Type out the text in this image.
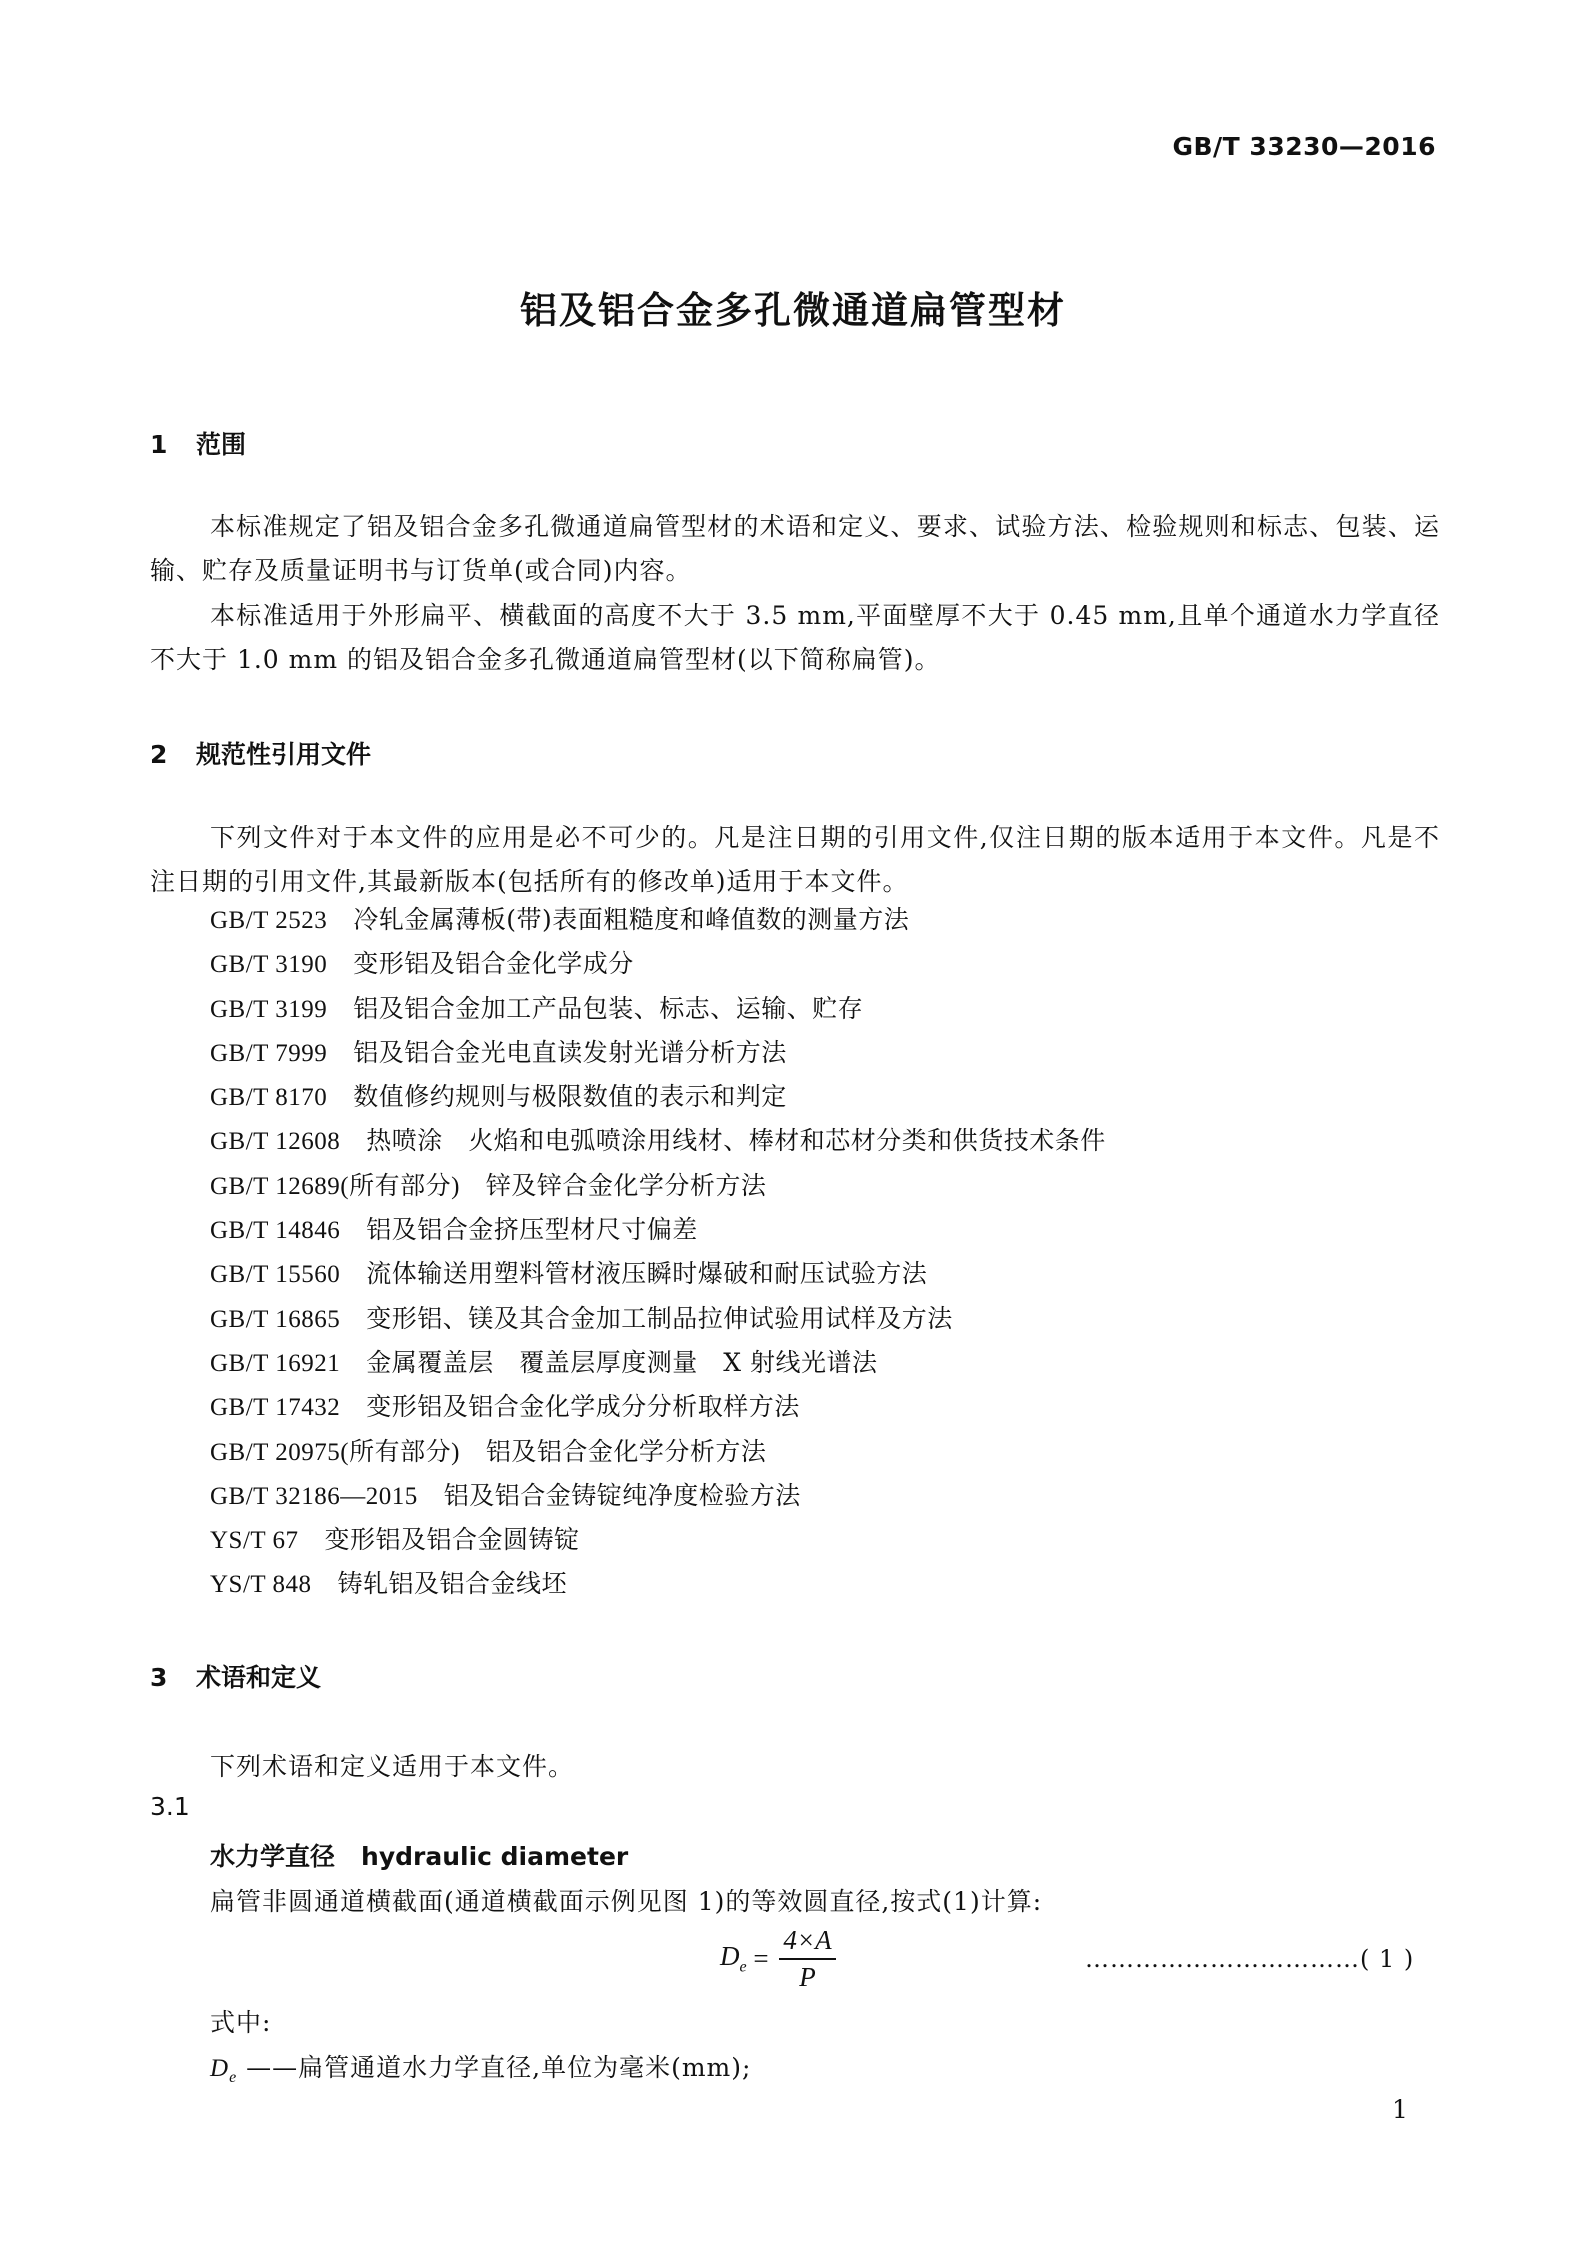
GB/T 33230—2016
铝及铝合金多孔微通道扁管型材
1 范围
本标准规定了铝及铝合金多孔微通道扁管型材的术语和定义、要求、试验方法、检验规则和标志、包装、运输、贮存及质量证明书与订货单(或合同)内容。
本标准适用于外形扁平、横截面的高度不大于 3.5 mm,平面壁厚不大于 0.45 mm,且单个通道水力学直径不大于 1.0 mm 的铝及铝合金多孔微通道扁管型材(以下简称扁管)。
2 规范性引用文件
下列文件对于本文件的应用是必不可少的。凡是注日期的引用文件,仅注日期的版本适用于本文件。凡是不注日期的引用文件,其最新版本(包括所有的修改单)适用于本文件。
GB/T 2523 冷轧金属薄板(带)表面粗糙度和峰值数的测量方法
GB/T 3190 变形铝及铝合金化学成分
GB/T 3199 铝及铝合金加工产品包装、标志、运输、贮存
GB/T 7999 铝及铝合金光电直读发射光谱分析方法
GB/T 8170 数值修约规则与极限数值的表示和判定
GB/T 12608 热喷涂　火焰和电弧喷涂用线材、棒材和芯材分类和供货技术条件
GB/T 12689(所有部分) 锌及锌合金化学分析方法
GB/T 14846 铝及铝合金挤压型材尺寸偏差
GB/T 15560 流体输送用塑料管材液压瞬时爆破和耐压试验方法
GB/T 16865 变形铝、镁及其合金加工制品拉伸试验用试样及方法
GB/T 16921 金属覆盖层　覆盖层厚度测量　X 射线光谱法
GB/T 17432 变形铝及铝合金化学成分分析取样方法
GB/T 20975(所有部分) 铝及铝合金化学分析方法
GB/T 32186—2015 铝及铝合金铸锭纯净度检验方法
YS/T 67 变形铝及铝合金圆铸锭
YS/T 848 铸轧铝及铝合金线坯
3 术语和定义
下列术语和定义适用于本文件。
3.1
水力学直径 hydraulic diameter
扁管非圆通道横截面(通道横截面示例见图 1)的等效圆直径,按式(1)计算:
$D_e = \frac{4\times A}{P}$	……………………………( 1 )
式中:
$D_e$ ——扁管通道水力学直径,单位为毫米(mm);
1
